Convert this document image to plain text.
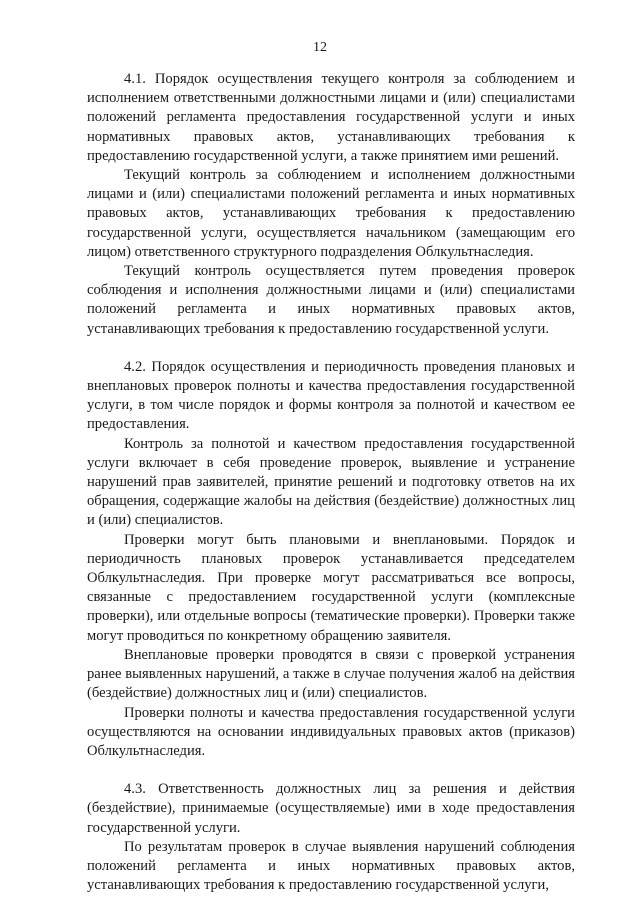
12

4.1. Порядок осуществления текущего контроля за соблюдением и исполнением ответственными должностными лицами и (или) специалистами положений регламента предоставления государственной услуги и иных нормативных правовых актов, устанавливающих требования к предоставлению государственной услуги, а также принятием ими решений.

Текущий контроль за соблюдением и исполнением должностными лицами и (или) специалистами положений регламента и иных нормативных правовых актов, устанавливающих требования к предоставлению государственной услуги, осуществляется начальником (замещающим его лицом) ответственного структурного подразделения Облкультнаследия.

Текущий контроль осуществляется путем проведения проверок соблюдения и исполнения должностными лицами и (или) специалистами положений регламента и иных нормативных правовых актов, устанавливающих требования к предоставлению государственной услуги.

4.2. Порядок осуществления и периодичность проведения плановых и внеплановых проверок полноты и качества предоставления государственной услуги, в том числе порядок и формы контроля за полнотой и качеством ее предоставления.

Контроль за полнотой и качеством предоставления государственной услуги включает в себя проведение проверок, выявление и устранение нарушений прав заявителей, принятие решений и подготовку ответов на их обращения, содержащие жалобы на действия (бездействие) должностных лиц и (или) специалистов.

Проверки могут быть плановыми и внеплановыми. Порядок и периодичность плановых проверок устанавливается председателем Облкультнаследия. При проверке могут рассматриваться все вопросы, связанные с предоставлением государственной услуги (комплексные проверки), или отдельные вопросы (тематические проверки). Проверки также могут проводиться по конкретному обращению заявителя.

Внеплановые проверки проводятся в связи с проверкой устранения ранее выявленных нарушений, а также в случае получения жалоб на действия (бездействие) должностных лиц и (или) специалистов.

Проверки полноты и качества предоставления государственной услуги осуществляются на основании индивидуальных правовых актов (приказов) Облкультнаследия.

4.3. Ответственность должностных лиц за решения и действия (бездействие), принимаемые (осуществляемые) ими в ходе предоставления государственной услуги.

По результатам проверок в случае выявления нарушений соблюдения положений регламента и иных нормативных правовых актов, устанавливающих требования к предоставлению государственной услуги,
